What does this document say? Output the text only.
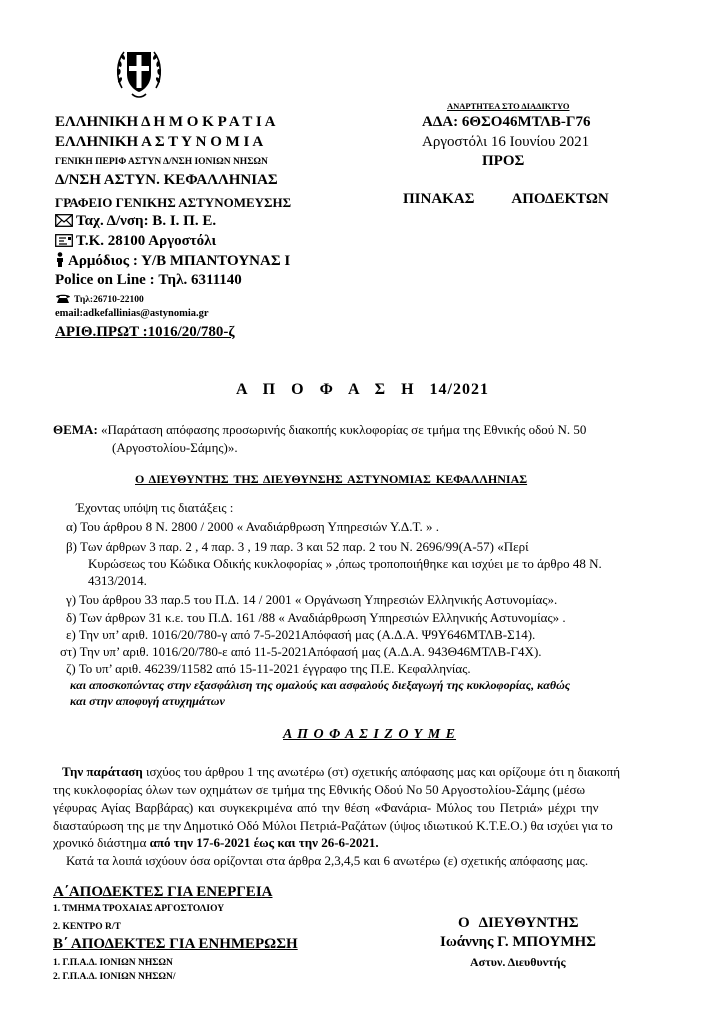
ΕΛΛΗΝΙΚΗ Δ Η Μ Ο Κ Ρ Α Τ Ι Α
ΕΛΛΗΝΙΚΗ Α Σ Τ Υ Ν Ο Μ Ι Α
ΓΕΝΙΚΗ ΠΕΡΙΦ ΑΣΤΥΝ Δ/ΝΣΗ ΙΟΝΙΩΝ ΝΗΣΩΝ
Δ/ΝΣΗ ΑΣΤΥΝ. ΚΕΦΑΛΛΗΝΙΑΣ
ΓΡΑΦΕΙΟ ΓΕΝΙΚΗΣ ΑΣΤΥΝΟΜΕΥΣΗΣ
Ταχ. Δ/νση: Β. Ι. Π. Ε.
Τ.Κ. 28100 Αργοστόλι
Αρμόδιος : Υ/Β ΜΠΑΝΤΟΥΝΑΣ Ι
Police on Line : Τηλ. 6311140
Τηλ:26710-22100
email:adkefallinias@astynomia.gr
ΑΡΙΘ.ΠΡΩΤ :1016/20/780-ζ
ΑΝΑΡΤΗΤΕΑ ΣΤΟ ΔΙΑΔΙΚΤΥΟ
ΑΔΑ: 6ΘΣΟ46ΜΤΛΒ-Γ76
Αργοστόλι 16 Ιουνίου 2021
ΠΡΟΣ
ΠΙΝΑΚΑΣ ΑΠΟΔΕΚΤΩΝ
Α Π Ο Φ Α Σ Η 14/2021
ΘΕΜΑ: «Παράταση απόφασης προσωρινής διακοπής κυκλοφορίας σε τμήμα της Εθνικής οδού Ν. 50
(Αργοστολίου-Σάμης)».
Ο ΔΙΕΥΘΥΝΤΗΣ ΤΗΣ ΔΙΕΥΘΥΝΣΗΣ ΑΣΤΥΝΟΜΙΑΣ ΚΕΦΑΛΛΗΝΙΑΣ
Έχοντας υπόψη τις διατάξεις :
α) Του άρθρου 8 Ν. 2800 / 2000 « Αναδιάρθρωση Υπηρεσιών Υ.Δ.Τ. » .
β) Των άρθρων 3 παρ. 2 , 4 παρ. 3 , 19 παρ. 3 και 52 παρ. 2 του Ν. 2696/99(Α-57) «Περί
Κυρώσεως του Κώδικα Οδικής κυκλοφορίας » ,όπως τροποποιήθηκε και ισχύει με το άρθρο 48 Ν.
4313/2014.
γ) Του άρθρου 33 παρ.5 του Π.Δ. 14 / 2001 « Οργάνωση Υπηρεσιών Ελληνικής Αστυνομίας».
δ) Των άρθρων 31 κ.ε. του Π.Δ. 161 /88 « Αναδιάρθρωση Υπηρεσιών Ελληνικής Αστυνομίας» .
ε) Την υπ’ αριθ. 1016/20/780-γ από 7-5-2021Απόφασή μας (Α.Δ.Α. Ψ9Υ646ΜΤΛΒ-Σ14).
στ) Την υπ’ αριθ. 1016/20/780-ε από 11-5-2021Απόφασή μας (Α.Δ.Α. 943Θ46ΜΤΛΒ-Γ4Χ).
ζ) Το υπ’ αριθ. 46239/11582 από 15-11-2021 έγγραφο της Π.Ε. Κεφαλληνίας.
και αποσκοπώντας στην εξασφάλιση της ομαλούς και ασφαλούς διεξαγωγή της κυκλοφορίας, καθώς
και στην αποφυγή ατυχημάτων
Α Π Ο Φ Α Σ Ι Ζ Ο Υ Μ Ε
Την παράταση ισχύος του άρθρου 1 της ανωτέρω (στ) σχετικής απόφασης μας και ορίζουμε ότι η διακοπή
της κυκλοφορίας όλων των οχημάτων σε τμήμα της Εθνικής Οδού Νο 50 Αργοστολίου-Σάμης (μέσω
γέφυρας Αγίας Βαρβάρας) και συγκεκριμένα από την θέση «Φανάρια- Μύλος του Πετριά» μέχρι την
διασταύρωση της με την Δημοτικό Οδό Μύλοι Πετριά-Ραζάτων (ύψος ιδιωτικού Κ.Τ.Ε.Ο.) θα ισχύει για το
χρονικό διάστημα από την 17-6-2021 έως και την 26-6-2021.
Κατά τα λοιπά ισχύουν όσα ορίζονται στα άρθρα 2,3,4,5 και 6 ανωτέρω (ε) σχετικής απόφασης μας.
Α΄ΑΠΟΔΕΚΤΕΣ ΓΙΑ ΕΝΕΡΓΕΙΑ
1. ΤΜΗΜΑ ΤΡΟΧΑΙΑΣ ΑΡΓΟΣΤΟΛΙΟΥ
2. ΚΕΝΤΡΟ R/T
Β΄ ΑΠΟΔΕΚΤΕΣ ΓΙΑ ΕΝΗΜΕΡΩΣΗ
1. Γ.Π.Α.Δ. ΙΟΝΙΩΝ ΝΗΣΩΝ
2. Γ.Π.Α.Δ. ΙΟΝΙΩΝ ΝΗΣΩΝ/
Ο ΔΙΕΥΘΥΝΤΗΣ
Ιωάννης Γ. ΜΠΟΥΜΗΣ
Αστυν. Διευθυντής
